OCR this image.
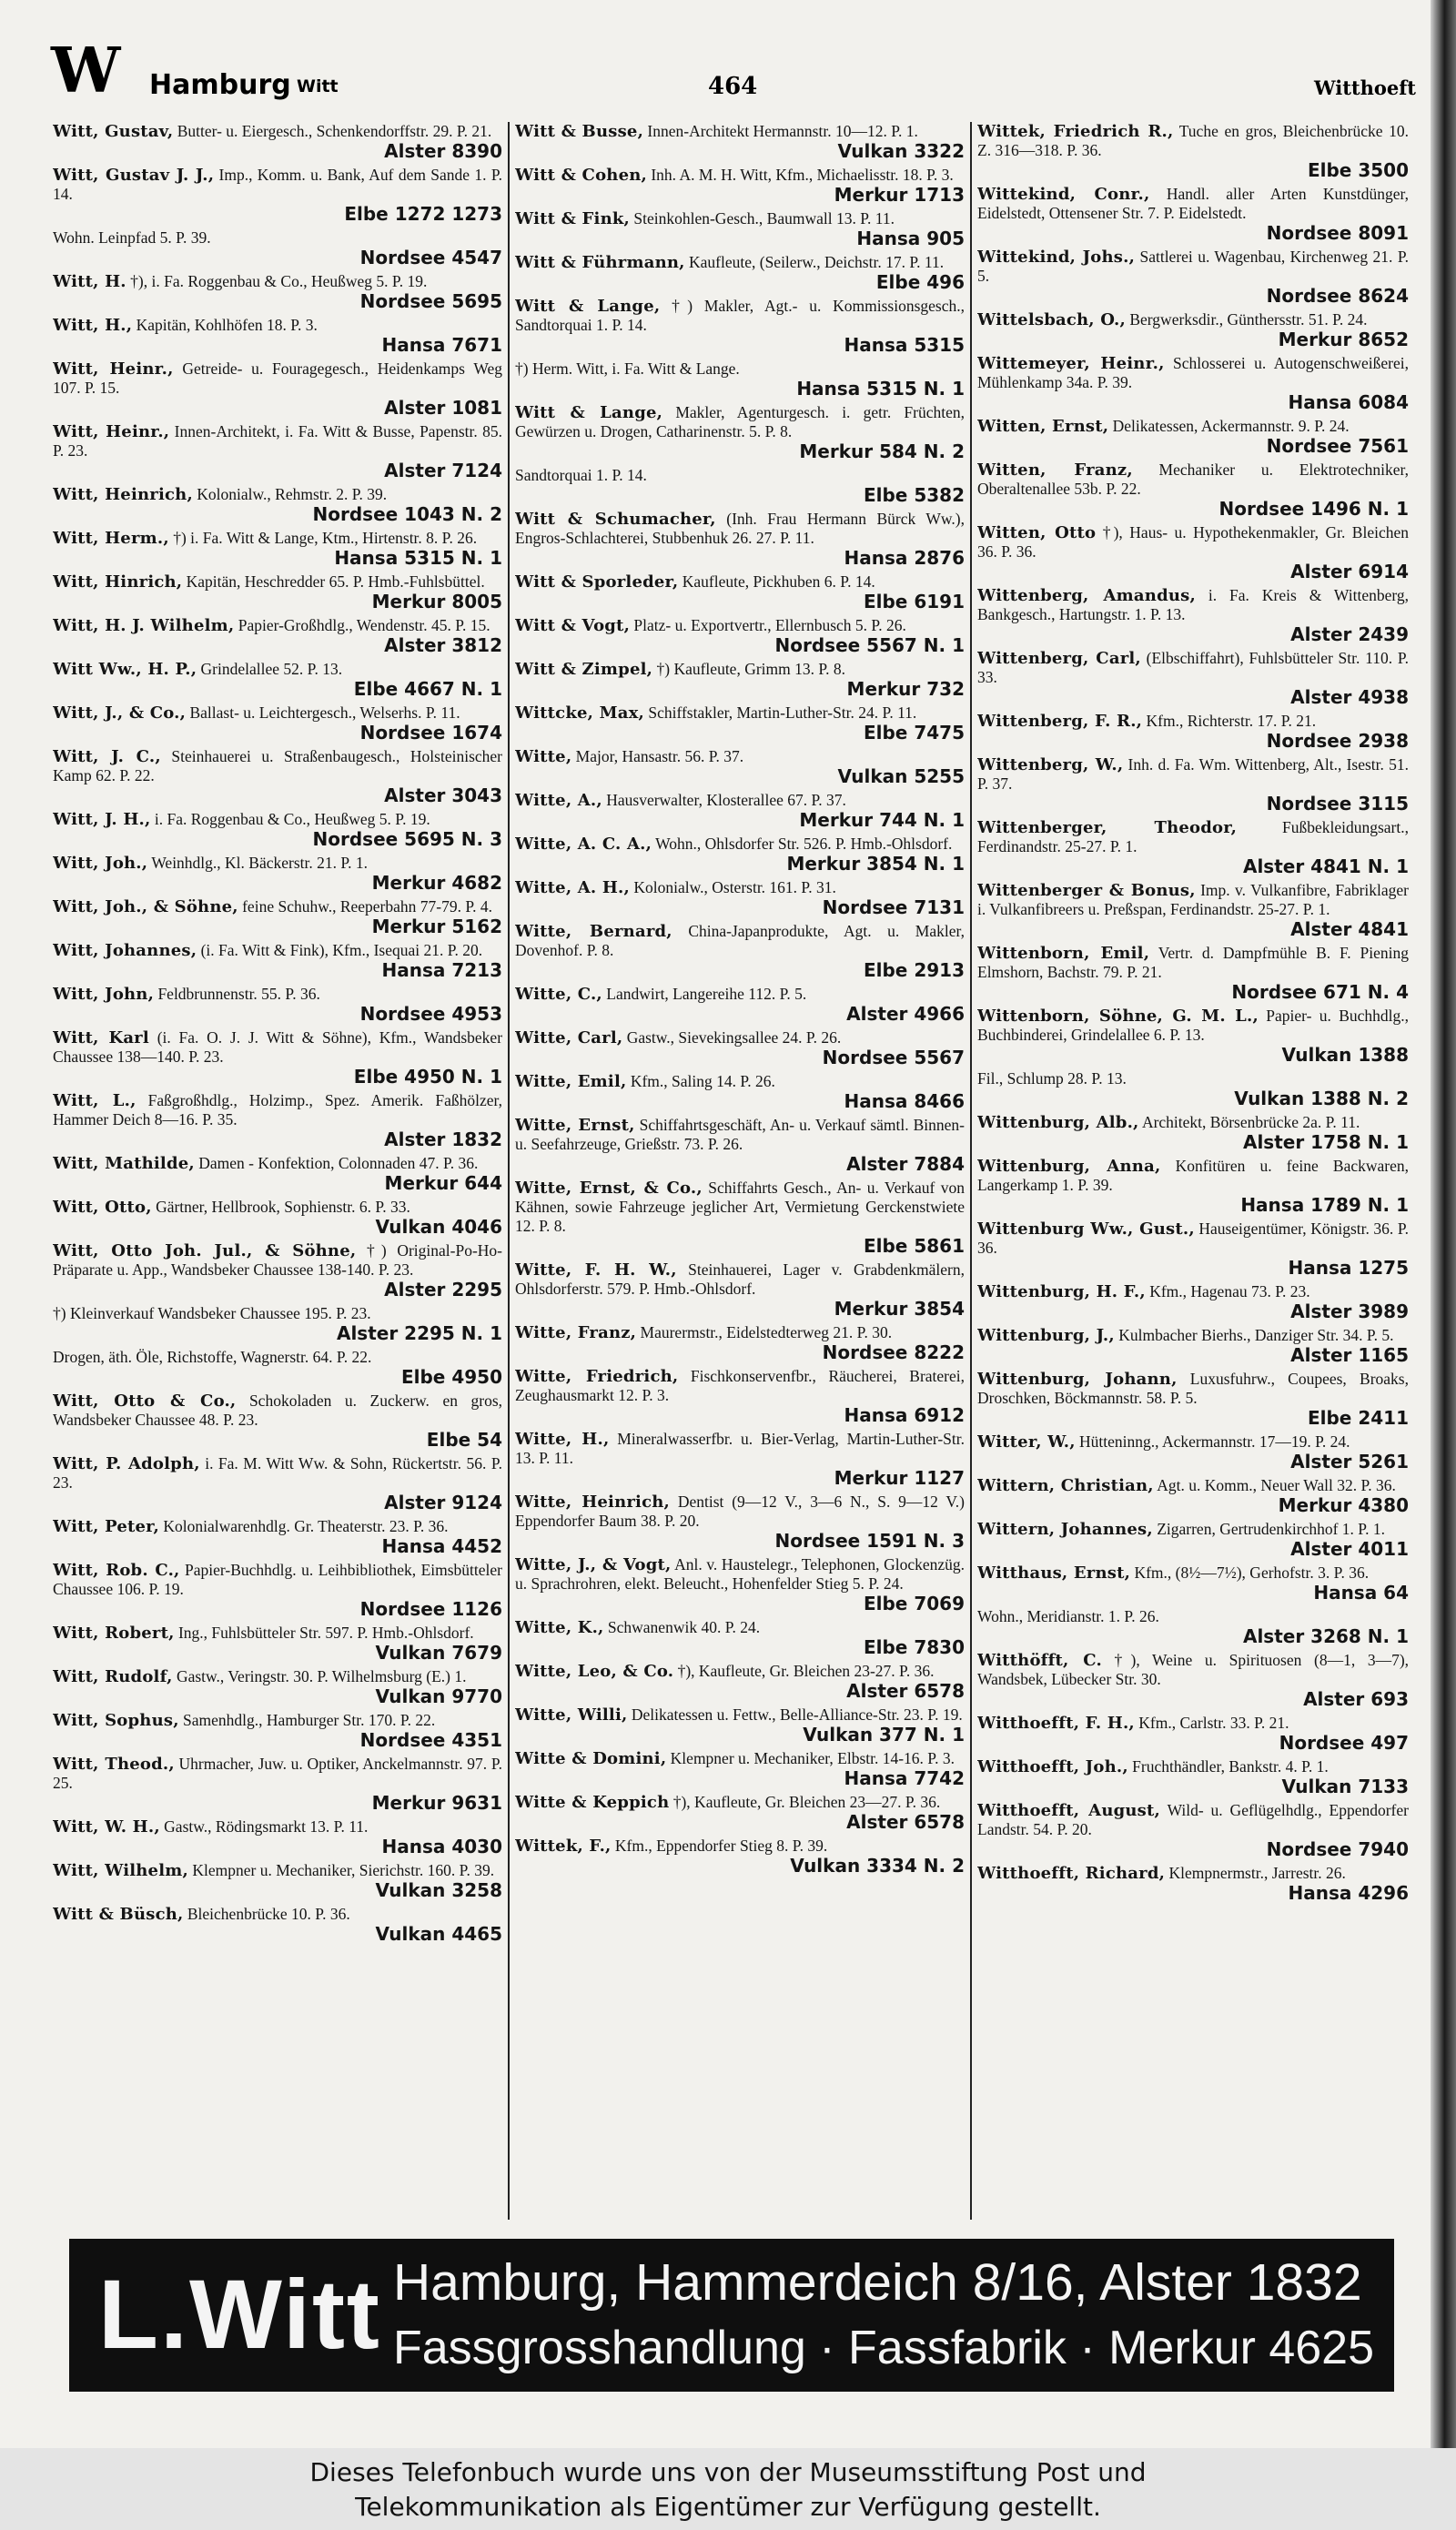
W Hamburg Witt	464	Witthoeft
Witt, Gustav, Butter- u. Eiergesch., Schenkendorffstr. 29. P. 21.
Alster 8390
Witt, Gustav J. J., Imp., Komm. u. Bank, Auf dem Sande 1. P. 14.
Elbe 1272 1273
Wohn. Leinpfad 5. P. 39.
Nordsee 4547
Witt, H. †), i. Fa. Roggenbau & Co., Heußweg 5. P. 19.
Nordsee 5695
Witt, H., Kapitän, Kohlhöfen 18. P. 3.
Hansa 7671
Witt, Heinr., Getreide- u. Fouragegesch., Heidenkamps Weg 107. P. 15.
Alster 1081
Witt, Heinr., Innen-Architekt, i. Fa. Witt & Busse, Papenstr. 85. P. 23.
Alster 7124
Witt, Heinrich, Kolonialw., Rehmstr. 2. P. 39.
Nordsee 1043 N. 2
Witt, Herm., †) i. Fa. Witt & Lange, Ktm., Hirtenstr. 8. P. 26.
Hansa 5315 N. 1
Witt, Hinrich, Kapitän, Heschredder 65. P. Hmb.-Fuhlsbüttel.
Merkur 8005
Witt, H. J. Wilhelm, Papier-Großhdlg., Wendenstr. 45. P. 15.
Alster 3812
Witt Ww., H. P., Grindelallee 52. P. 13.
Elbe 4667 N. 1
Witt, J., & Co., Ballast- u. Leichtergesch., Welserhs. P. 11.
Nordsee 1674
Witt, J. C., Steinhauerei u. Straßenbaugesch., Holsteinischer Kamp 62. P. 22.
Alster 3043
Witt, J. H., i. Fa. Roggenbau & Co., Heußweg 5. P. 19.
Nordsee 5695 N. 3
Witt, Joh., Weinhdlg., Kl. Bäckerstr. 21. P. 1.
Merkur 4682
Witt, Joh., & Söhne, feine Schuhw., Reeperbahn 77-79. P. 4.
Merkur 5162
Witt, Johannes, (i. Fa. Witt & Fink), Kfm., Isequai 21. P. 20.
Hansa 7213
Witt, John, Feldbrunnenstr. 55. P. 36.
Nordsee 4953
Witt, Karl (i. Fa. O. J. J. Witt & Söhne), Kfm., Wandsbeker Chaussee 138—140. P. 23.
Elbe 4950 N. 1
Witt, L., Faßgroßhdlg., Holzimp., Spez. Amerik. Faßhölzer, Hammer Deich 8—16. P. 35.
Alster 1832
Witt, Mathilde, Damen - Konfektion, Colonnaden 47. P. 36.
Merkur 644
Witt, Otto, Gärtner, Hellbrook, Sophienstr. 6. P. 33.
Vulkan 4046
Witt, Otto Joh. Jul., & Söhne, †) Original-Po-Ho-Präparate u. App., Wandsbeker Chaussee 138-140. P. 23.
Alster 2295
†) Kleinverkauf Wandsbeker Chaussee 195. P. 23.
Alster 2295 N. 1
Drogen, äth. Öle, Richstoffe, Wagnerstr. 64. P. 22.
Elbe 4950
Witt, Otto & Co., Schokoladen u. Zuckerw. en gros, Wandsbeker Chaussee 48. P. 23.
Elbe 54
Witt, P. Adolph, i. Fa. M. Witt Ww. & Sohn, Rückertstr. 56. P. 23.
Alster 9124
Witt, Peter, Kolonialwarenhdlg. Gr. Theaterstr. 23. P. 36.
Hansa 4452
Witt, Rob. C., Papier-Buchhdlg. u. Leihbibliothek, Eimsbütteler Chaussee 106. P. 19.
Nordsee 1126
Witt, Robert, Ing., Fuhlsbütteler Str. 597. P. Hmb.-Ohlsdorf.
Vulkan 7679
Witt, Rudolf, Gastw., Veringstr. 30. P. Wilhelmsburg (E.) 1.
Vulkan 9770
Witt, Sophus, Samenhdlg., Hamburger Str. 170. P. 22.
Nordsee 4351
Witt, Theod., Uhrmacher, Juw. u. Optiker, Anckelmannstr. 97. P. 25.
Merkur 9631
Witt, W. H., Gastw., Rödingsmarkt 13. P. 11.
Hansa 4030
Witt, Wilhelm, Klempner u. Mechaniker, Sierichstr. 160. P. 39.
Vulkan 3258
Witt & Büsch, Bleichenbrücke 10. P. 36.
Vulkan 4465
Witt & Busse, Innen-Architekt Hermannstr. 10—12. P. 1.
Vulkan 3322
Witt & Cohen, Inh. A. M. H. Witt, Kfm., Michaelisstr. 18. P. 3.
Merkur 1713
Witt & Fink, Steinkohlen-Gesch., Baumwall 13. P. 11.
Hansa 905
Witt & Führmann, Kaufleute, (Seilerw., Deichstr. 17. P. 11.
Elbe 496
Witt & Lange, †) Makler, Agt.- u. Kommissionsgesch., Sandtorquai 1. P. 14.
Hansa 5315
†) Herm. Witt, i. Fa. Witt & Lange.
Hansa 5315 N. 1
Witt & Lange, Makler, Agenturgesch. i. getr. Früchten, Gewürzen u. Drogen, Catharinenstr. 5. P. 8.
Merkur 584 N. 2
Sandtorquai 1. P. 14.
Elbe 5382
Witt & Schumacher, (Inh. Frau Hermann Bürck Ww.), Engros-Schlachterei, Stubbenhuk 26. 27. P. 11.
Hansa 2876
Witt & Sporleder, Kaufleute, Pickhuben 6. P. 14.
Elbe 6191
Witt & Vogt, Platz- u. Exportvertr., Ellernbusch 5. P. 26.
Nordsee 5567 N. 1
Witt & Zimpel, †) Kaufleute, Grimm 13. P. 8.
Merkur 732
Wittcke, Max, Schiffstakler, Martin-Luther-Str. 24. P. 11.
Elbe 7475
Witte, Major, Hansastr. 56. P. 37.
Vulkan 5255
Witte, A., Hausverwalter, Klosterallee 67. P. 37.
Merkur 744 N. 1
Witte, A. C. A., Wohn., Ohlsdorfer Str. 526. P. Hmb.-Ohlsdorf.
Merkur 3854 N. 1
Witte, A. H., Kolonialw., Osterstr. 161. P. 31.
Nordsee 7131
Witte, Bernard, China-Japanprodukte, Agt. u. Makler, Dovenhof. P. 8.
Elbe 2913
Witte, C., Landwirt, Langereihe 112. P. 5.
Alster 4966
Witte, Carl, Gastw., Sievekingsallee 24. P. 26.
Nordsee 5567
Witte, Emil, Kfm., Saling 14. P. 26.
Hansa 8466
Witte, Ernst, Schiffahrtsgeschäft, An- u. Verkauf sämtl. Binnen- u. Seefahrzeuge, Grießstr. 73. P. 26.
Alster 7884
Witte, Ernst, & Co., Schiffahrts Gesch., An- u. Verkauf von Kähnen, sowie Fahrzeuge jeglicher Art, Vermietung Gerckenstwiete 12. P. 8.
Elbe 5861
Witte, F. H. W., Steinhauerei, Lager v. Grabdenkmälern, Ohlsdorferstr. 579. P. Hmb.-Ohlsdorf.
Merkur 3854
Witte, Franz, Maurermstr., Eidelstedterweg 21. P. 30.
Nordsee 8222
Witte, Friedrich, Fischkonservenfbr., Räucherei, Braterei, Zeughausmarkt 12. P. 3.
Hansa 6912
Witte, H., Mineralwasserfbr. u. Bier-Verlag, Martin-Luther-Str. 13. P. 11.
Merkur 1127
Witte, Heinrich, Dentist (9—12 V., 3—6 N., S. 9—12 V.) Eppendorfer Baum 38. P. 20.
Nordsee 1591 N. 3
Witte, J., & Vogt, Anl. v. Haustelegr., Telephonen, Glockenzüg. u. Sprachrohren, elekt. Beleucht., Hohenfelder Stieg 5. P. 24.
Elbe 7069
Witte, K., Schwanenwik 40. P. 24.
Elbe 7830
Witte, Leo, & Co. †), Kaufleute, Gr. Bleichen 23-27. P. 36.
Alster 6578
Witte, Willi, Delikatessen u. Fettw., Belle-Alliance-Str. 23. P. 19.
Vulkan 377 N. 1
Witte & Domini, Klempner u. Mechaniker, Elbstr. 14-16. P. 3.
Hansa 7742
Witte & Keppich †), Kaufleute, Gr. Bleichen 23—27. P. 36.
Alster 6578
Wittek, F., Kfm., Eppendorfer Stieg 8. P. 39.
Vulkan 3334 N. 2
Wittek, Friedrich R., Tuche en gros, Bleichenbrücke 10. Z. 316—318. P. 36.
Elbe 3500
Wittekind, Conr., Handl. aller Arten Kunstdünger, Eidelstedt, Ottensener Str. 7. P. Eidelstedt.
Nordsee 8091
Wittekind, Johs., Sattlerei u. Wagenbau, Kirchenweg 21. P. 5.
Nordsee 8624
Wittelsbach, O., Bergwerksdir., Günthersstr. 51. P. 24.
Merkur 8652
Wittemeyer, Heinr., Schlosserei u. Autogenschweißerei, Mühlenkamp 34a. P. 39.
Hansa 6084
Witten, Ernst, Delikatessen, Ackermannstr. 9. P. 24.
Nordsee 7561
Witten, Franz, Mechaniker u. Elektrotechniker, Oberaltenallee 53b. P. 22.
Nordsee 1496 N. 1
Witten, Otto †), Haus- u. Hypothekenmakler, Gr. Bleichen 36. P. 36.
Alster 6914
Wittenberg, Amandus, i. Fa. Kreis & Wittenberg, Bankgesch., Hartungstr. 1. P. 13.
Alster 2439
Wittenberg, Carl, (Elbschiffahrt), Fuhlsbütteler Str. 110. P. 33.
Alster 4938
Wittenberg, F. R., Kfm., Richterstr. 17. P. 21.
Nordsee 2938
Wittenberg, W., Inh. d. Fa. Wm. Wittenberg, Alt., Isestr. 51. P. 37.
Nordsee 3115
Wittenberger, Theodor,	Fußbekleidungsart., Ferdinandstr. 25-27. P. 1.
Alster 4841 N. 1
Wittenberger & Bonus, Imp. v. Vulkanfibre, Fabriklager i. Vulkanfibreers u. Preßspan, Ferdinandstr. 25-27. P. 1.
Alster 4841
Wittenborn, Emil, Vertr. d. Dampfmühle B. F. Piening Elmshorn, Bachstr. 79. P. 21.
Nordsee 671 N. 4
Wittenborn, Söhne, G. M. L., Papier- u. Buchhdlg., Buchbinderei, Grindelallee 6. P. 13.
Vulkan 1388
Fil., Schlump 28. P. 13.
Vulkan 1388 N. 2
Wittenburg, Alb., Architekt, Börsenbrücke 2a. P. 11.
Alster 1758 N. 1
Wittenburg, Anna, Konfitüren u. feine Backwaren, Langerkamp 1. P. 39.
Hansa 1789 N. 1
Wittenburg Ww., Gust., Hauseigentümer, Königstr. 36. P. 36.
Hansa 1275
Wittenburg, H. F., Kfm., Hagenau 73. P. 23.
Alster 3989
Wittenburg, J., Kulmbacher Bierhs., Danziger Str. 34. P. 5.
Alster 1165
Wittenburg, Johann, Luxusfuhrw., Coupees, Broaks, Droschken, Böckmannstr. 58. P. 5.
Elbe 2411
Witter, W., Hütteninng., Ackermannstr. 17—19. P. 24.
Alster 5261
Wittern, Christian, Agt. u. Komm., Neuer Wall 32. P. 36.
Merkur 4380
Wittern, Johannes, Zigarren, Gertrudenkirchhof 1. P. 1.
Alster 4011
Witthaus, Ernst, Kfm., (8½—7½), Gerhofstr. 3. P. 36.
Hansa 64
Wohn., Meridianstr. 1. P. 26.
Alster 3268 N. 1
Witthöfft, C. †), Weine u. Spirituosen (8—1, 3—7), Wandsbek, Lübecker Str. 30.
Alster 693
Witthoefft, F. H., Kfm., Carlstr. 33. P. 21.
Nordsee 497
Witthoefft, Joh., Fruchthändler, Bankstr. 4. P. 1.
Vulkan 7133
Witthoefft, August, Wild- u. Geflügelhdlg., Eppendorfer Landstr. 54. P. 20.
Nordsee 7940
Witthoefft, Richard, Klempnermstr., Jarrestr. 26.
Hansa 4296
L.Witt Hamburg, Hammerdeich 8/16, Alster 1832
Fassgrosshandlung · Fassfabrik · Merkur 4625
Dieses Telefonbuch wurde uns von der Museumsstiftung Post und
Telekommunikation als Eigentümer zur Verfügung gestellt.
